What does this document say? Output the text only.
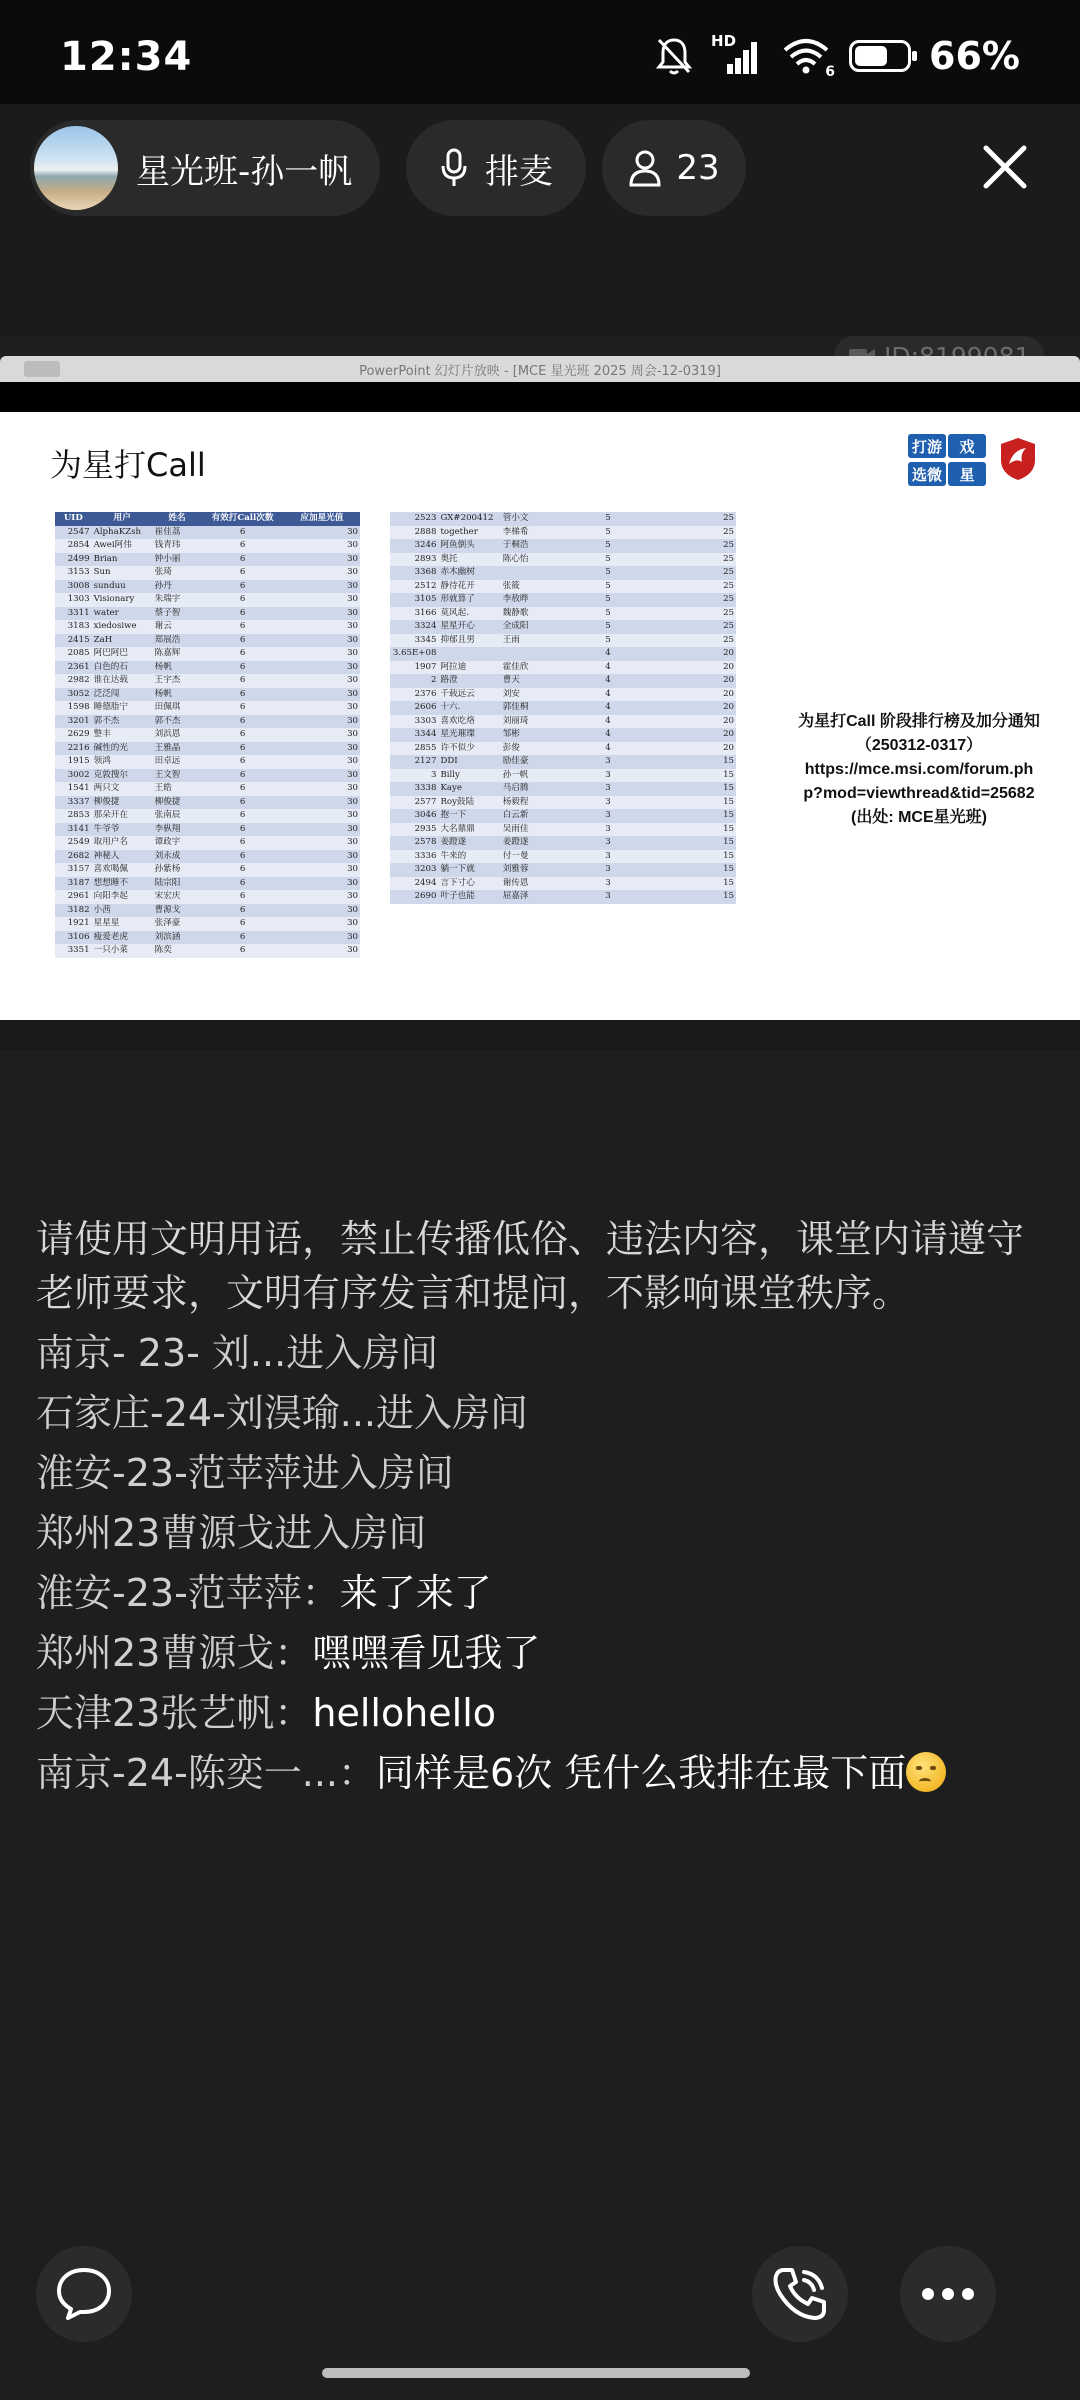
12:34	HD
6 66%
星光班-孙一帆	排麦	23
PowerPoint 幻灯片放映 - [MCE 星光班 2025 周会-12-0319]
为星打Call	打游 戏
选微 星
UID	用户	姓名	有效打Call次数	应加星光值
2547	AlphaKZsh	崔佳荔	6	30
2854	Awei阿伟	钱青玮	6	30
2499	Brian	钟小丽	6	30
3153	Sun	张琦	6	30
3008	sunduu	孙丹	6	30
1303	Visionary	朱瑞宇	6	30
3311	water	蔡子智	6	30
3183	xiedosiwe	谢云	6	30
2415	ZaH	郑展浩	6	30
2085	阿巴阿巴	陈嘉辉	6	30
2361	白色的石	杨帆	6	30
2982	谁在达载	王宇杰	6	30
3052	泛泛闯	杨帆	6	30
1598	睡德脂宁	田佩琪	6	30
3201	郭不杰	郭不杰	6	30
2629	整丰	刘浜恩	6	30
2216	碱性的光	王雅晶	6	30
1915	领鸿	田卓远	6	30
3002	克敦搜尔	王文智	6	30
1541	两只文	王皓	6	30
3337	柳俊捷	柳俊捷	6	30
2853	那朵开在	张南辰	6	30
3141	牛爷爷	李枞翔	6	30
2549	取用户名	谭政宇	6	30
2682	神秘人	刘永成	6	30
3157	喜欢喝佩	孙紫杨	6	30
3187	想想睡不	陆宗阳	6	30
2961	向阳李起	宋宏庆	6	30
3182	小茜	曹源戈	6	30
1921	星星星	张泽豪	6	30
3106	瘦爱老虎	刘滨涵	6	30
3351	一只小菜	陈奕	6	30
2523	GX#200412	管小文	5	25
2888	together	李梯希	5	25
3246	阿鱼倒头	于桐浩	5	25
2893	奥托	陈心怡	5	25
3368	赤木幽树		5	25
2512	静待花开	张筱	5	25
3105	形就算了	李敖晔	5	25
3166	莫风起.	魏静歌	5	25
3324	星星开心	全成阳	5	25
3345	抑郁且男	王雨	5	25
3.65E+08			4	20
1907	阿拉迪	霍佳欣	4	20
2	路澄	曹天	4	20
2376	千载远云	刘安	4	20
2606	十六.	郭佳桐	4	20
3303	喜欢吃烙	刘丽琦	4	20
3344	星光璀璨	邹彬	4	20
2855	许不似少	彭俊	4	20
2127	DDI	励佳豪	3	15
3	Billy	孙一帆	3	15
3338	Kaye	马启腾	3	15
2577	Roy鼓陆	杨毅程	3	15
3046	抱一下	白云新	3	15
2935	大名鼎鼎	吴雨佳	3	15
2578	姜蹬遂	姜蹬遂	3	15
3336	牛来的	付一曼	3	15
3203	躺一下就	刘雅蓉	3	15
2494	言下寸心	谢传恩	3	15
2690	叶子也能	屈嘉泽	3	15
为星打Call 阶段排行榜及加分通知
（250312-0317）
https://mce.msi.com/forum.ph
p?mod=viewthread&tid=25682
(出处: MCE星光班)
请使用文明用语，禁止传播低俗、违法内容，课堂内请遵守老师要求，文明有序发言和提问，不影响课堂秩序。
南京- 23- 刘...进入房间
石家庄-24-刘淏瑜...进入房间
淮安-23-范苹萍进入房间
郑州23曹源戈进入房间
淮安-23-范苹萍：来了来了
郑州23曹源戈：嘿嘿看见我了
天津23张艺帆：hellohello
南京-24-陈奕一...：同样是6次 凭什么我排在最下面
